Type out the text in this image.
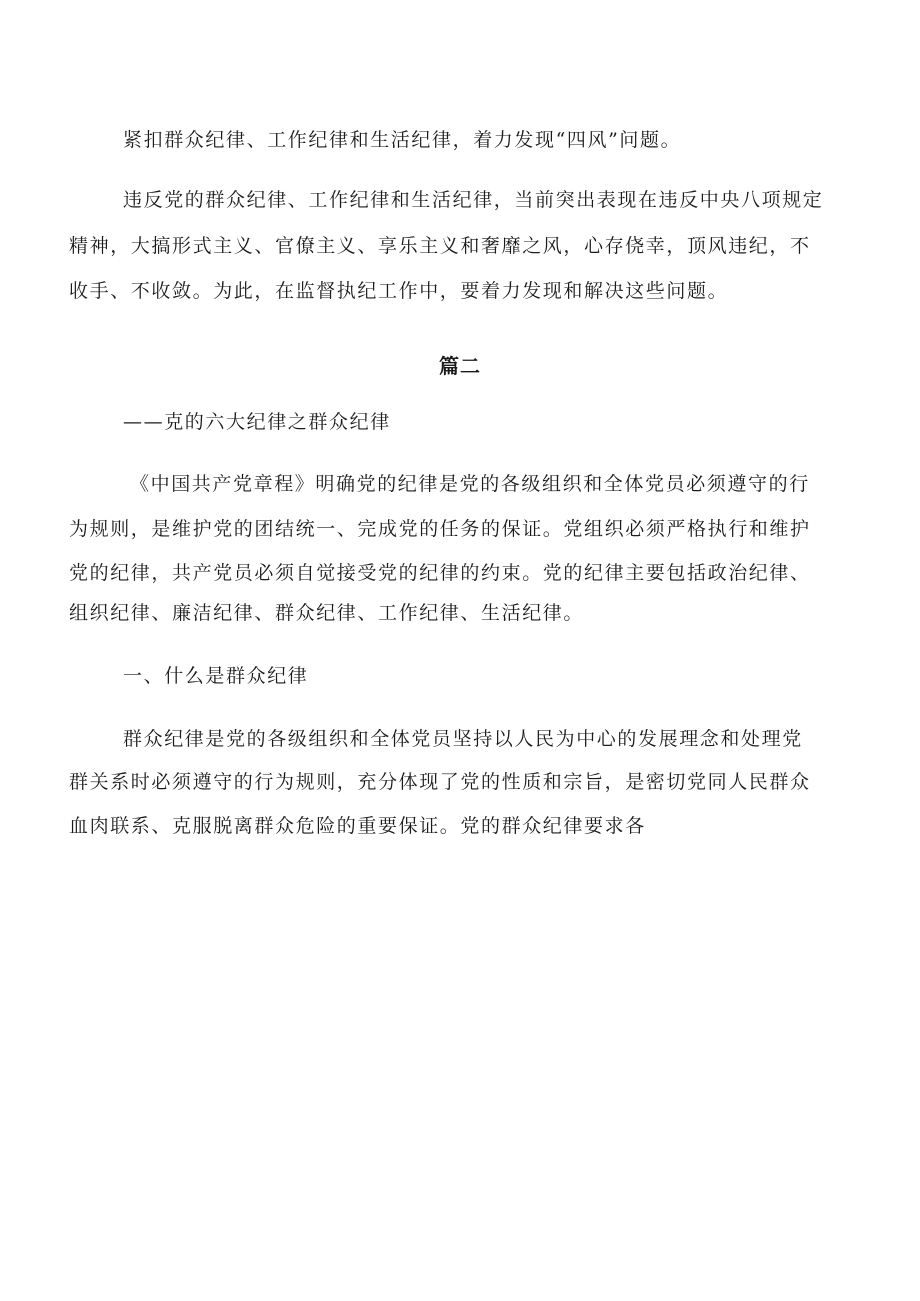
紧扣群众纪律、工作纪律和生活纪律，着力发现“四风”问题。
违反党的群众纪律、工作纪律和生活纪律，当前突出表现在违反中央八项规定
精神，大搞形式主义、官僚主义、享乐主义和奢靡之风，心存侥幸，顶风违纪，不
收手、不收敛。为此，在监督执纪工作中，要着力发现和解决这些问题。
篇二
——克的六大纪律之群众纪律
《中国共产党章程》明确党的纪律是党的各级组织和全体党员必须遵守的行
为规则，是维护党的团结统一、完成党的任务的保证。党组织必须严格执行和维护
党的纪律，共产党员必须自觉接受党的纪律的约束。党的纪律主要包括政治纪律、
组织纪律、廉洁纪律、群众纪律、工作纪律、生活纪律。
一、什么是群众纪律
群众纪律是党的各级组织和全体党员坚持以人民为中心的发展理念和处理党
群关系时必须遵守的行为规则，充分体现了党的性质和宗旨，是密切党同人民群众
血肉联系、克服脱离群众危险的重要保证。党的群众纪律要求各
